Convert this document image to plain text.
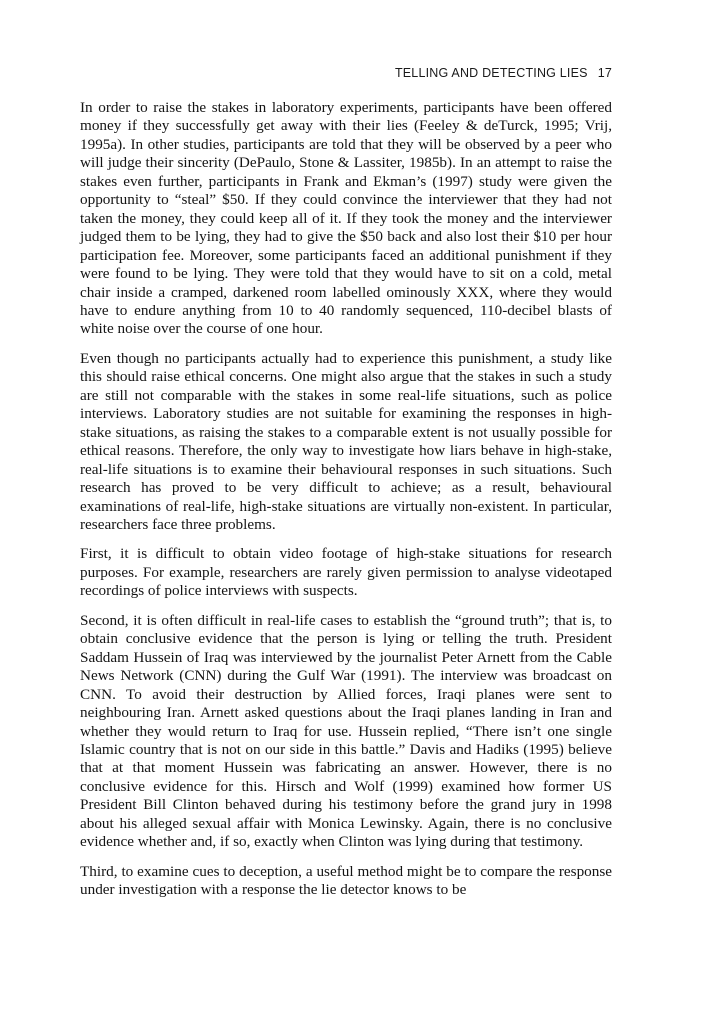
TELLING AND DETECTING LIES 17

In order to raise the stakes in laboratory experiments, participants have been offered money if they successfully get away with their lies (Feeley & deTurck, 1995; Vrij, 1995a). In other studies, participants are told that they will be observed by a peer who will judge their sincerity (DePaulo, Stone & Lassiter, 1985b). In an attempt to raise the stakes even further, participants in Frank and Ekman’s (1997) study were given the opportunity to “steal” $50. If they could convince the interviewer that they had not taken the money, they could keep all of it. If they took the money and the interviewer judged them to be lying, they had to give the $50 back and also lost their $10 per hour participation fee. Moreover, some participants faced an additional punishment if they were found to be lying. They were told that they would have to sit on a cold, metal chair inside a cramped, darkened room labelled ominously XXX, where they would have to endure anything from 10 to 40 randomly sequenced, 110-decibel blasts of white noise over the course of one hour.

Even though no participants actually had to experience this punishment, a study like this should raise ethical concerns. One might also argue that the stakes in such a study are still not comparable with the stakes in some real-life situations, such as police interviews. Laboratory studies are not suitable for examining the responses in high-stake situations, as raising the stakes to a comparable extent is not usually possible for ethical reasons. Therefore, the only way to investigate how liars behave in high-stake, real-life situations is to examine their behavioural responses in such situations. Such research has proved to be very difficult to achieve; as a result, behavioural examinations of real-life, high-stake situations are virtually non-existent. In particular, researchers face three problems.

First, it is difficult to obtain video footage of high-stake situations for research purposes. For example, researchers are rarely given permission to analyse videotaped recordings of police interviews with suspects.

Second, it is often difficult in real-life cases to establish the “ground truth”; that is, to obtain conclusive evidence that the person is lying or telling the truth. President Saddam Hussein of Iraq was interviewed by the journalist Peter Arnett from the Cable News Network (CNN) during the Gulf War (1991). The interview was broadcast on CNN. To avoid their destruction by Allied forces, Iraqi planes were sent to neighbouring Iran. Arnett asked questions about the Iraqi planes landing in Iran and whether they would return to Iraq for use. Hussein replied, “There isn’t one single Islamic country that is not on our side in this battle.” Davis and Hadiks (1995) believe that at that moment Hussein was fabricating an answer. However, there is no conclusive evidence for this. Hirsch and Wolf (1999) examined how former US President Bill Clinton behaved during his testimony before the grand jury in 1998 about his alleged sexual affair with Monica Lewinsky. Again, there is no conclusive evidence whether and, if so, exactly when Clinton was lying during that testimony.

Third, to examine cues to deception, a useful method might be to compare the response under investigation with a response the lie detector knows to be
